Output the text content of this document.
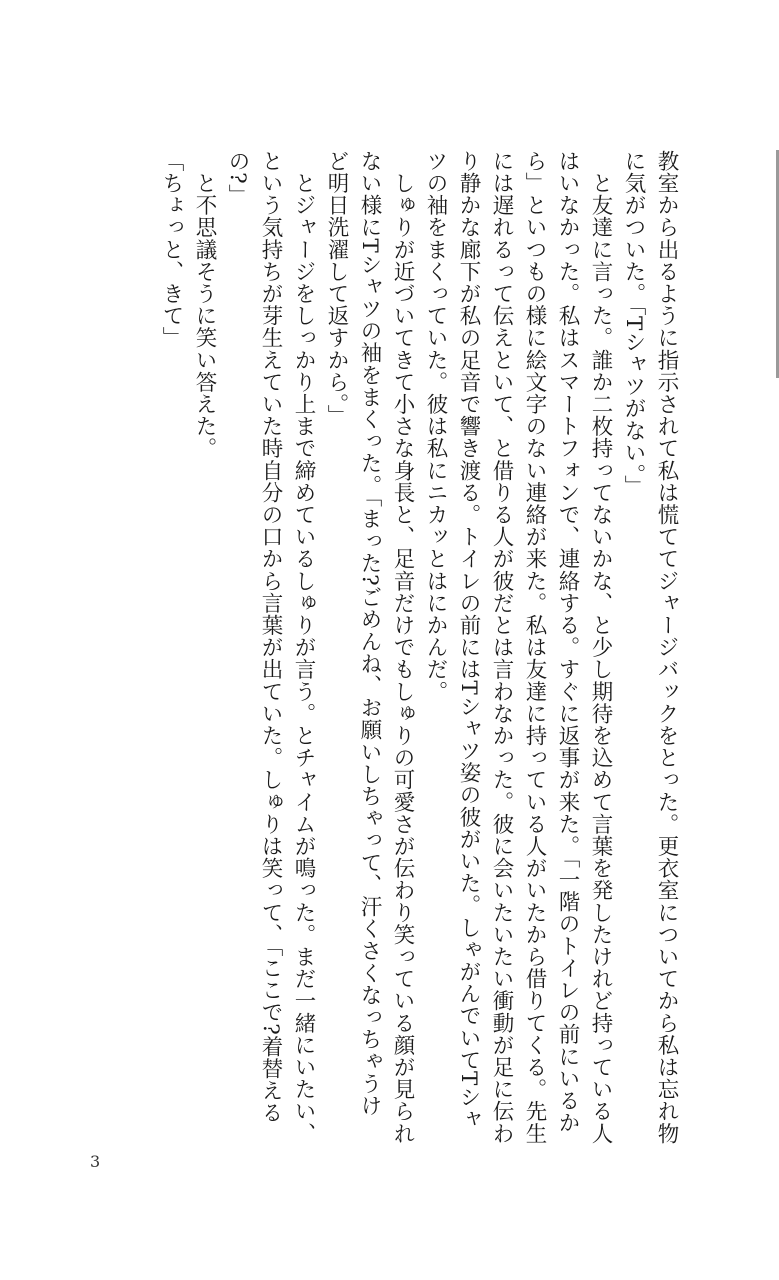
教室から出るように指示されて私は慌ててジャージバックをとった。更衣室についてから私は忘れ物
に気がついた。「Tシャツがない。」
　と友達に言った。誰か二枚持ってないかな、と少し期待を込めて言葉を発したけれど持っている人
はいなかった。私はスマートフォンで、連絡する。すぐに返事が来た。「一階のトイレの前にいるか
ら」といつもの様に絵文字のない連絡が来た。私は友達に持っている人がいたから借りてくる。先生
には遅れるって伝えといて、と借りる人が彼だとは言わなかった。彼に会いたいたい衝動が足に伝わ
り静かな廊下が私の足音で響き渡る。トイレの前にはTシャツ姿の彼がいた。しゃがんでいてTシャ
ツの袖をまくっていた。彼は私にニカッとはにかんだ。
　しゅりが近づいてきて小さな身長と、足音だけでもしゅりの可愛さが伝わり笑っている顔が見られ
ない様にTシャツの袖をまくった。「まった?ごめんね、お願いしちゃって、汗くさくなっちゃうけ
ど明日洗濯して返すから。」
　とジャージをしっかり上まで締めているしゅりが言う。とチャイムが鳴った。まだ一緒にいたい、
という気持ちが芽生えていた時自分の口から言葉が出ていた。しゅりは笑って、「ここで?着替える
の?」
　と不思議そうに笑い答えた。
「ちょっと、きて」
3
